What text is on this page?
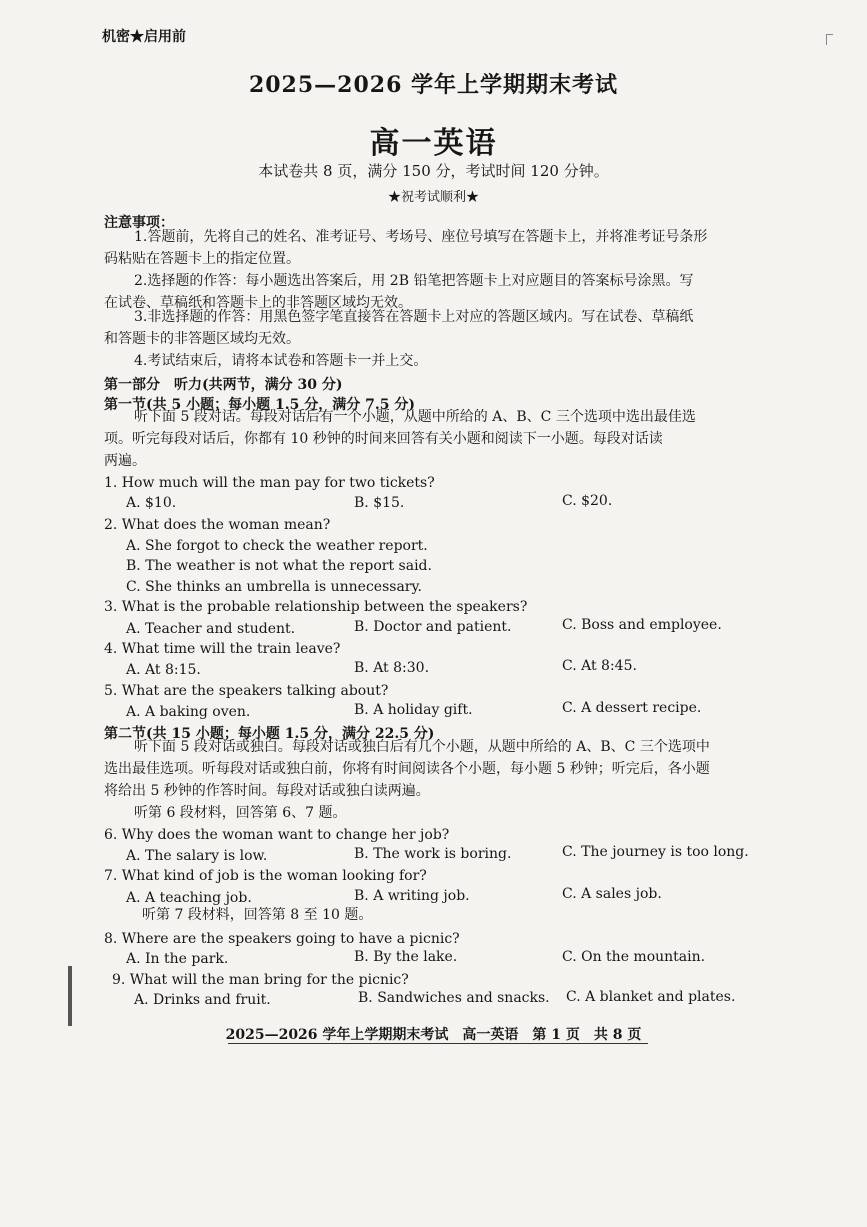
机密★启用前
2025—2026 学年上学期期末考试
高一英语
本试卷共 8 页，满分 150 分，考试时间 120 分钟。
★祝考试顺利★
注意事项：
1.答题前，先将自己的姓名、准考证号、考场号、座位号填写在答题卡上，并将准考证号条形
码粘贴在答题卡上的指定位置。
2.选择题的作答：每小题选出答案后，用 2B 铅笔把答题卡上对应题目的答案标号涂黑。写
在试卷、草稿纸和答题卡上的非答题区域均无效。
3.非选择题的作答：用黑色签字笔直接答在答题卡上对应的答题区域内。写在试卷、草稿纸
和答题卡的非答题区域均无效。
4.考试结束后，请将本试卷和答题卡一并上交。
第一部分　听力(共两节，满分 30 分)
第一节(共 5 小题；每小题 1.5 分，满分 7.5 分)
听下面 5 段对话。每段对话后有一个小题，从题中所给的 A、B、C 三个选项中选出最佳选
项。听完每段对话后，你都有 10 秒钟的时间来回答有关小题和阅读下一小题。每段对话读
两遍。
1. How much will the man pay for two tickets?
A. $10.	B. $15.	C. $20.
2. What does the woman mean?
A. She forgot to check the weather report.
B. The weather is not what the report said.
C. She thinks an umbrella is unnecessary.
3. What is the probable relationship between the speakers?
A. Teacher and student.	B. Doctor and patient.	C. Boss and employee.
4. What time will the train leave?
A. At 8:15.	B. At 8:30.	C. At 8:45.
5. What are the speakers talking about?
A. A baking oven.	B. A holiday gift.	C. A dessert recipe.
第二节(共 15 小题；每小题 1.5 分，满分 22.5 分)
听下面 5 段对话或独白。每段对话或独白后有几个小题，从题中所给的 A、B、C 三个选项中
选出最佳选项。听每段对话或独白前，你将有时间阅读各个小题，每小题 5 秒钟；听完后，各小题
将给出 5 秒钟的作答时间。每段对话或独白读两遍。
听第 6 段材料，回答第 6、7 题。
6. Why does the woman want to change her job?
A. The salary is low.	B. The work is boring.	C. The journey is too long.
7. What kind of job is the woman looking for?
A. A teaching job.	B. A writing job.	C. A sales job.
听第 7 段材料，回答第 8 至 10 题。
8. Where are the speakers going to have a picnic?
A. In the park.	B. By the lake.	C. On the mountain.
9. What will the man bring for the picnic?
A. Drinks and fruit.	B. Sandwiches and snacks. C. A blanket and plates.
2025—2026 学年上学期期末考试　高一英语　第 1 页　共 8 页
